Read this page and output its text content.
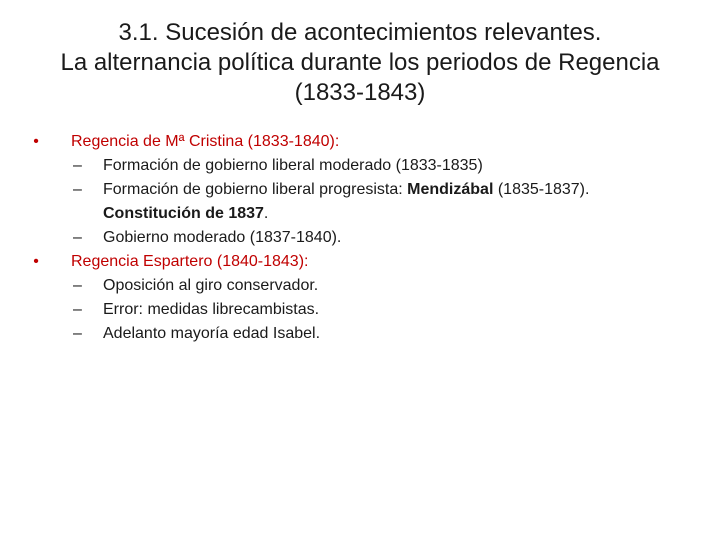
3.1. Sucesión de acontecimientos relevantes.
La alternancia política durante los periodos de Regencia
(1833-1843)
•	Regencia de Mª Cristina (1833-1840):
– Formación de gobierno liberal moderado (1833-1835)
– Formación de gobierno liberal progresista: Mendizábal (1835-1837).
Constitución de 1837.
– Gobierno moderado (1837-1840).
•	Regencia Espartero (1840-1843):
– Oposición al giro conservador.
– Error: medidas librecambistas.
– Adelanto mayoría edad Isabel.
